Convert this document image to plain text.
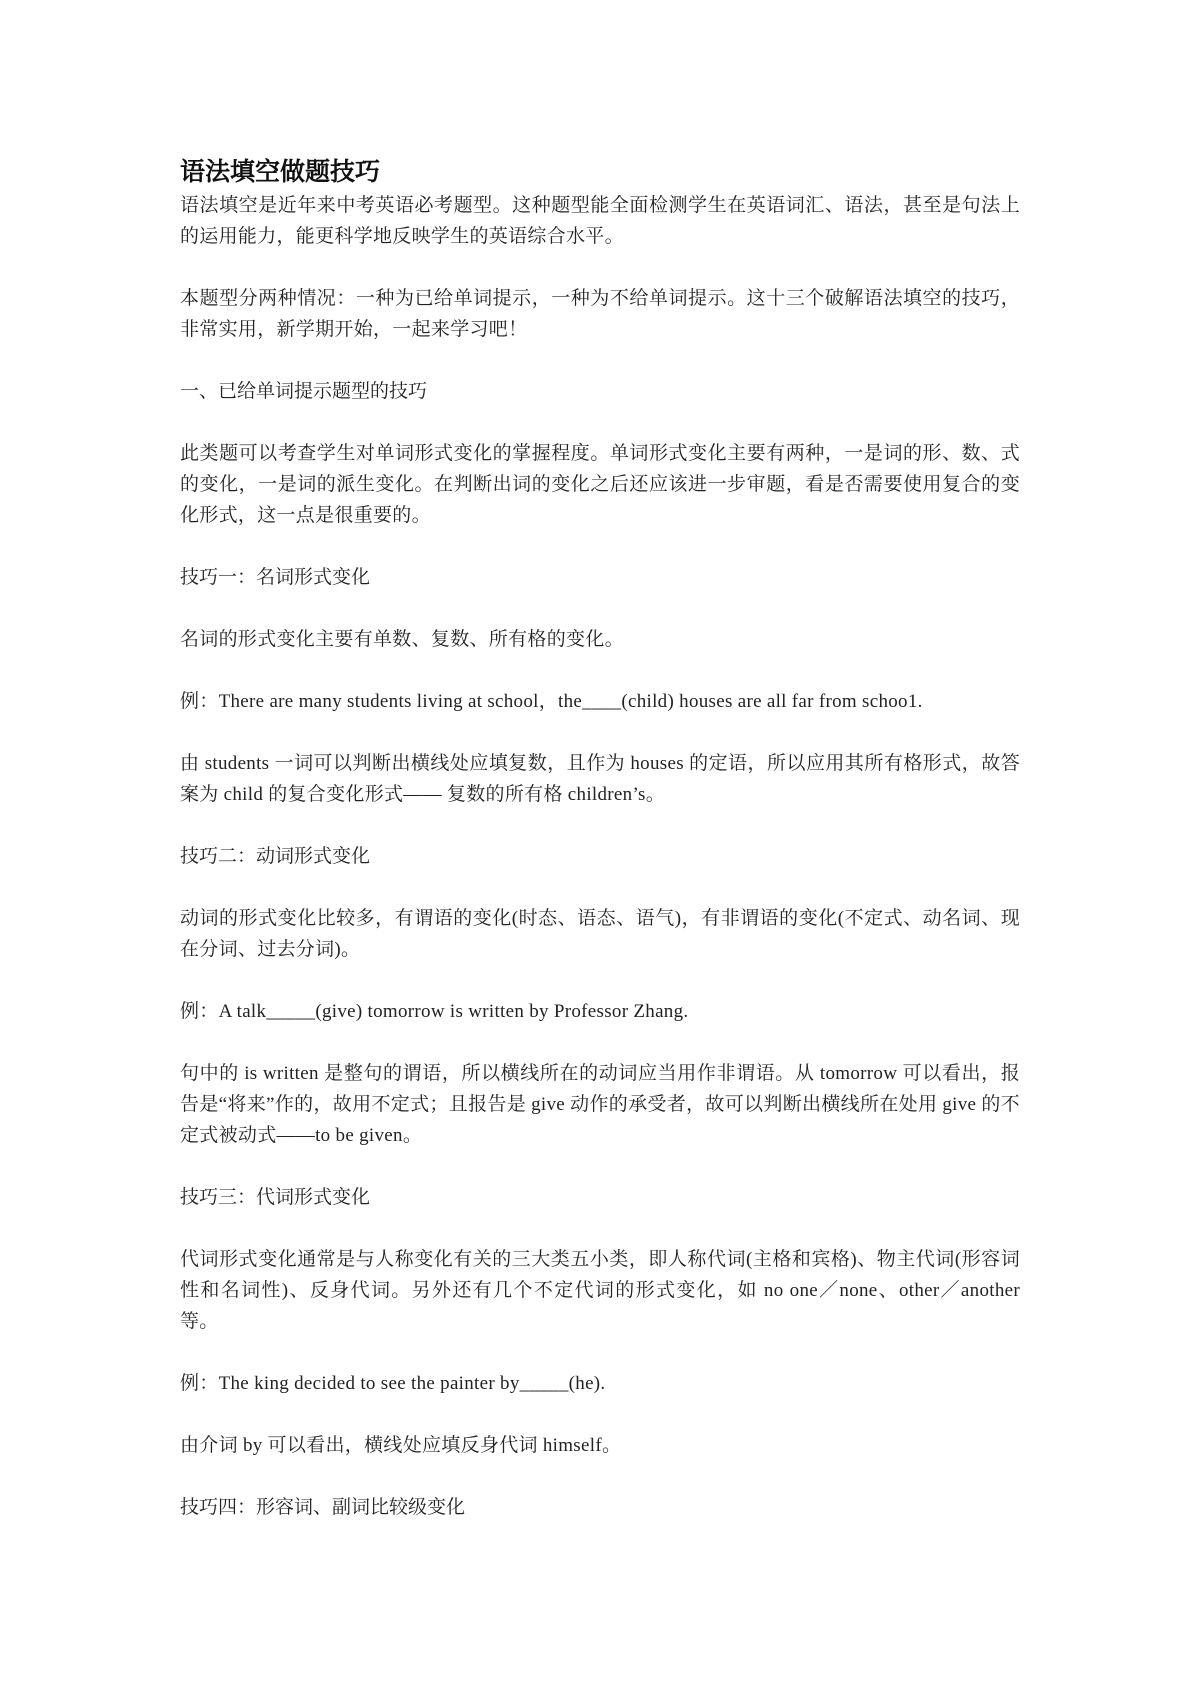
语法填空做题技巧

语法填空是近年来中考英语必考题型。这种题型能全面检测学生在英语词汇、语法，甚至是句法上的运用能力，能更科学地反映学生的英语综合水平。

本题型分两种情况：一种为已给单词提示，一种为不给单词提示。这十三个破解语法填空的技巧，非常实用，新学期开始，一起来学习吧！

一、已给单词提示题型的技巧

此类题可以考查学生对单词形式变化的掌握程度。单词形式变化主要有两种，一是词的形、数、式的变化，一是词的派生变化。在判断出词的变化之后还应该进一步审题，看是否需要使用复合的变化形式，这一点是很重要的。

技巧一：名词形式变化

名词的形式变化主要有单数、复数、所有格的变化。

例：There are many students living at school，the____(child) houses are all far from schoo1.

由 students 一词可以判断出横线处应填复数，且作为 houses 的定语，所以应用其所有格形式，故答案为 child 的复合变化形式—— 复数的所有格 children’s。

技巧二：动词形式变化

动词的形式变化比较多，有谓语的变化(时态、语态、语气)，有非谓语的变化(不定式、动名词、现在分词、过去分词)。

例：A talk_____(give) tomorrow is written by Professor Zhang.

句中的 is written 是整句的谓语，所以横线所在的动词应当用作非谓语。从 tomorrow 可以看出，报告是“将来”作的，故用不定式；且报告是 give 动作的承受者，故可以判断出横线所在处用 give 的不定式被动式——to be given。

技巧三：代词形式变化

代词形式变化通常是与人称变化有关的三大类五小类，即人称代词(主格和宾格)、物主代词(形容词性和名词性)、反身代词。另外还有几个不定代词的形式变化，如 no one／none、other／another 等。

例：The king decided to see the painter by_____(he).

由介词 by 可以看出，横线处应填反身代词 himself。

技巧四：形容词、副词比较级变化
